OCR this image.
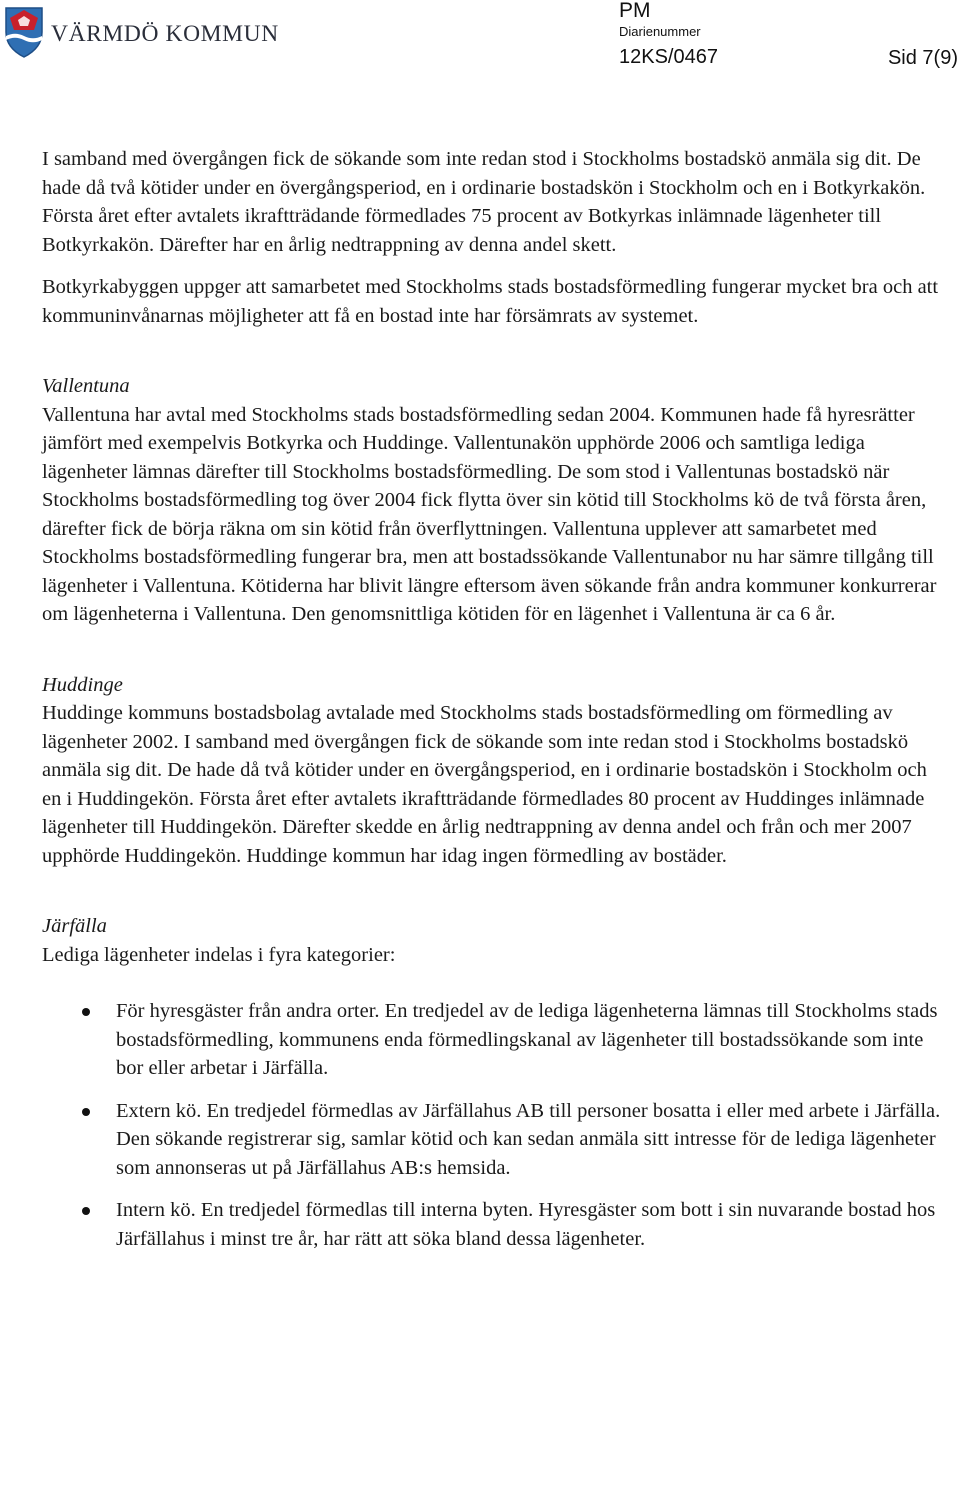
VÄRMDÖ KOMMUN
PM
Diarienummer
12KS/0467	Sid 7(9)

I samband med övergången fick de sökande som inte redan stod i Stockholms bostadskö anmäla sig dit. De hade då två kötider under en övergångsperiod, en i ordinarie bostadskön i Stockholm och en i Botkyrkakön. Första året efter avtalets ikraftträdande förmedlades 75 procent av Botkyrkas inlämnade lägenheter till Botkyrkakön. Därefter har en årlig nedtrappning av denna andel skett.

Botkyrkabyggen uppger att samarbetet med Stockholms stads bostadsförmedling fungerar mycket bra och att kommuninvånarnas möjligheter att få en bostad inte har försämrats av systemet.

Vallentuna

Vallentuna har avtal med Stockholms stads bostadsförmedling sedan 2004. Kommunen hade få hyresrätter jämfört med exempelvis Botkyrka och Huddinge. Vallentunakön upphörde 2006 och samtliga lediga lägenheter lämnas därefter till Stockholms bostadsförmedling. De som stod i Vallentunas bostadskö när Stockholms bostadsförmedling tog över 2004 fick flytta över sin kötid till Stockholms kö de två första åren, därefter fick de börja räkna om sin kötid från överflyttningen. Vallentuna upplever att samarbetet med Stockholms bostadsförmedling fungerar bra, men att bostadssökande Vallentunabor nu har sämre tillgång till lägenheter i Vallentuna. Kötiderna har blivit längre eftersom även sökande från andra kommuner konkurrerar om lägenheterna i Vallentuna. Den genomsnittliga kötiden för en lägenhet i Vallentuna är ca 6 år.

Huddinge

Huddinge kommuns bostadsbolag avtalade med Stockholms stads bostadsförmedling om förmedling av lägenheter 2002. I samband med övergången fick de sökande som inte redan stod i Stockholms bostadskö anmäla sig dit. De hade då två kötider under en övergångsperiod, en i ordinarie bostadskön i Stockholm och en i Huddingekön. Första året efter avtalets ikraftträdande förmedlades 80 procent av Huddinges inlämnade lägenheter till Huddingekön. Därefter skedde en årlig nedtrappning av denna andel och från och mer 2007 upphörde Huddingekön. Huddinge kommun har idag ingen förmedling av bostäder.

Järfälla

Lediga lägenheter indelas i fyra kategorier:

För hyresgäster från andra orter. En tredjedel av de lediga lägenheterna lämnas till Stockholms stads bostadsförmedling, kommunens enda förmedlingskanal av lägenheter till bostadssökande som inte bor eller arbetar i Järfälla.
Extern kö. En tredjedel förmedlas av Järfällahus AB till personer bosatta i eller med arbete i Järfälla. Den sökande registrerar sig, samlar kötid och kan sedan anmäla sitt intresse för de lediga lägenheter som annonseras ut på Järfällahus AB:s hemsida.
Intern kö. En tredjedel förmedlas till interna byten. Hyresgäster som bott i sin nuvarande bostad hos Järfällahus i minst tre år, har rätt att söka bland dessa lägenheter.
